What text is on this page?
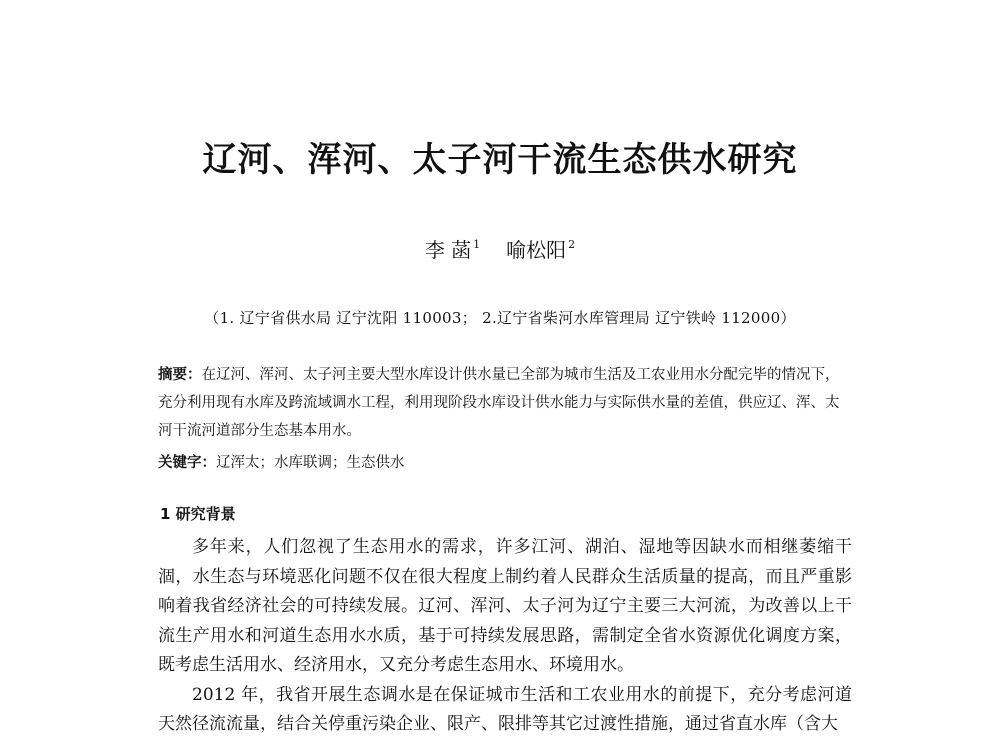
辽河、浑河、太子河干流生态供水研究
李 菡 $^1$ 喻松阳 $^2$
（1. 辽宁省供水局 辽宁沈阳 110003； 2.辽宁省柴河水库管理局 辽宁铁岭 112000）
摘要：在辽河、浑河、太子河主要大型水库设计供水量已全部为城市生活及工农业用水分配完毕的情况下，充分利用现有水库及跨流域调水工程，利用现阶段水库设计供水能力与实际供水量的差值，供应辽、浑、太河干流河道部分生态基本用水。
关键字：辽浑太；水库联调；生态供水
1 研究背景

多年来，人们忽视了生态用水的需求，许多江河、湖泊、湿地等因缺水而相继萎缩干涸，水生态与环境恶化问题不仅在很大程度上制约着人民群众生活质量的提高，而且严重影响着我省经济社会的可持续发展。辽河、浑河、太子河为辽宁主要三大河流，为改善以上干流生产用水和河道生态用水水质，基于可持续发展思路，需制定全省水资源优化调度方案，既考虑生活用水、经济用水，又充分考虑生态用水、环境用水。

2012 年，我省开展生态调水是在保证城市生活和工农业用水的前提下，充分考虑河道天然径流流量，结合关停重污染企业、限产、限排等其它过渡性措施，通过省直水库（含大
